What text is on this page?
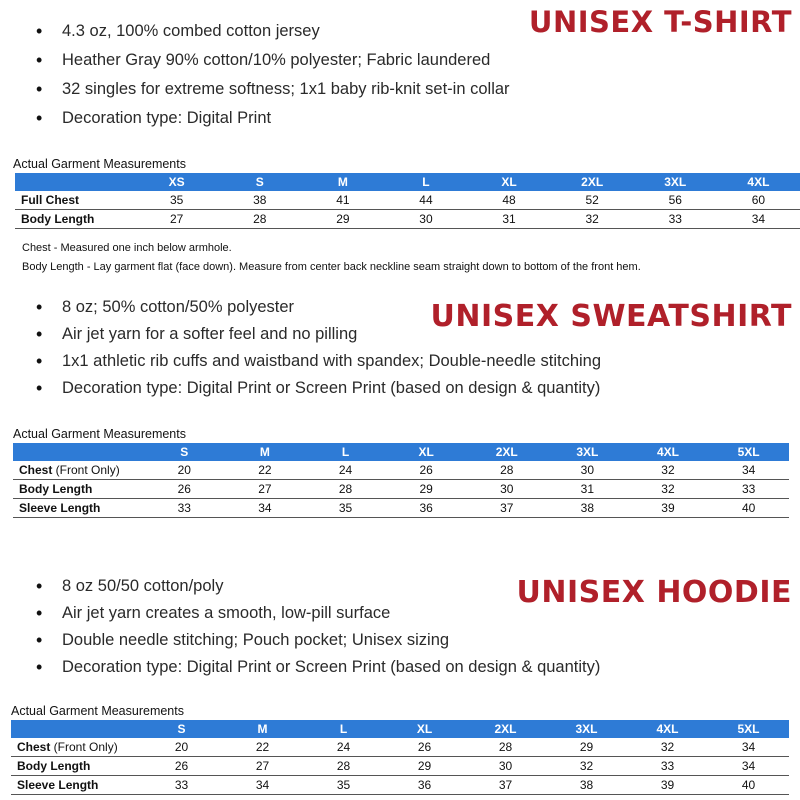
UNISEX T-SHIRT
• 4.3 oz, 100% combed cotton jersey
• Heather Gray 90% cotton/10% polyester; Fabric laundered
• 32 singles for extreme softness; 1x1 baby rib-knit set-in collar
• Decoration type: Digital Print
Actual Garment Measurements
	XS	S	M	L	XL	2XL	3XL	4XL
Full Chest	35	38	41	44	48	52	56	60
Body Length	27	28	29	30	31	32	33	34
Chest - Measured one inch below armhole.
Body Length - Lay garment flat (face down). Measure from center back neckline seam straight down to bottom of the front hem.
UNISEX SWEATSHIRT
• 8 oz; 50% cotton/50% polyester
• Air jet yarn for a softer feel and no pilling
• 1x1 athletic rib cuffs and waistband with spandex; Double-needle stitching
• Decoration type: Digital Print or Screen Print (based on design & quantity)
Actual Garment Measurements
	S	M	L	XL	2XL	3XL	4XL	5XL
Chest (Front Only)	20	22	24	26	28	30	32	34
Body Length	26	27	28	29	30	31	32	33
Sleeve Length	33	34	35	36	37	38	39	40
UNISEX HOODIE
• 8 oz 50/50 cotton/poly
• Air jet yarn creates a smooth, low-pill surface
• Double needle stitching; Pouch pocket; Unisex sizing
• Decoration type: Digital Print or Screen Print (based on design & quantity)
Actual Garment Measurements
	S	M	L	XL	2XL	3XL	4XL	5XL
Chest (Front Only)	20	22	24	26	28	29	32	34
Body Length	26	27	28	29	30	32	33	34
Sleeve Length	33	34	35	36	37	38	39	40
